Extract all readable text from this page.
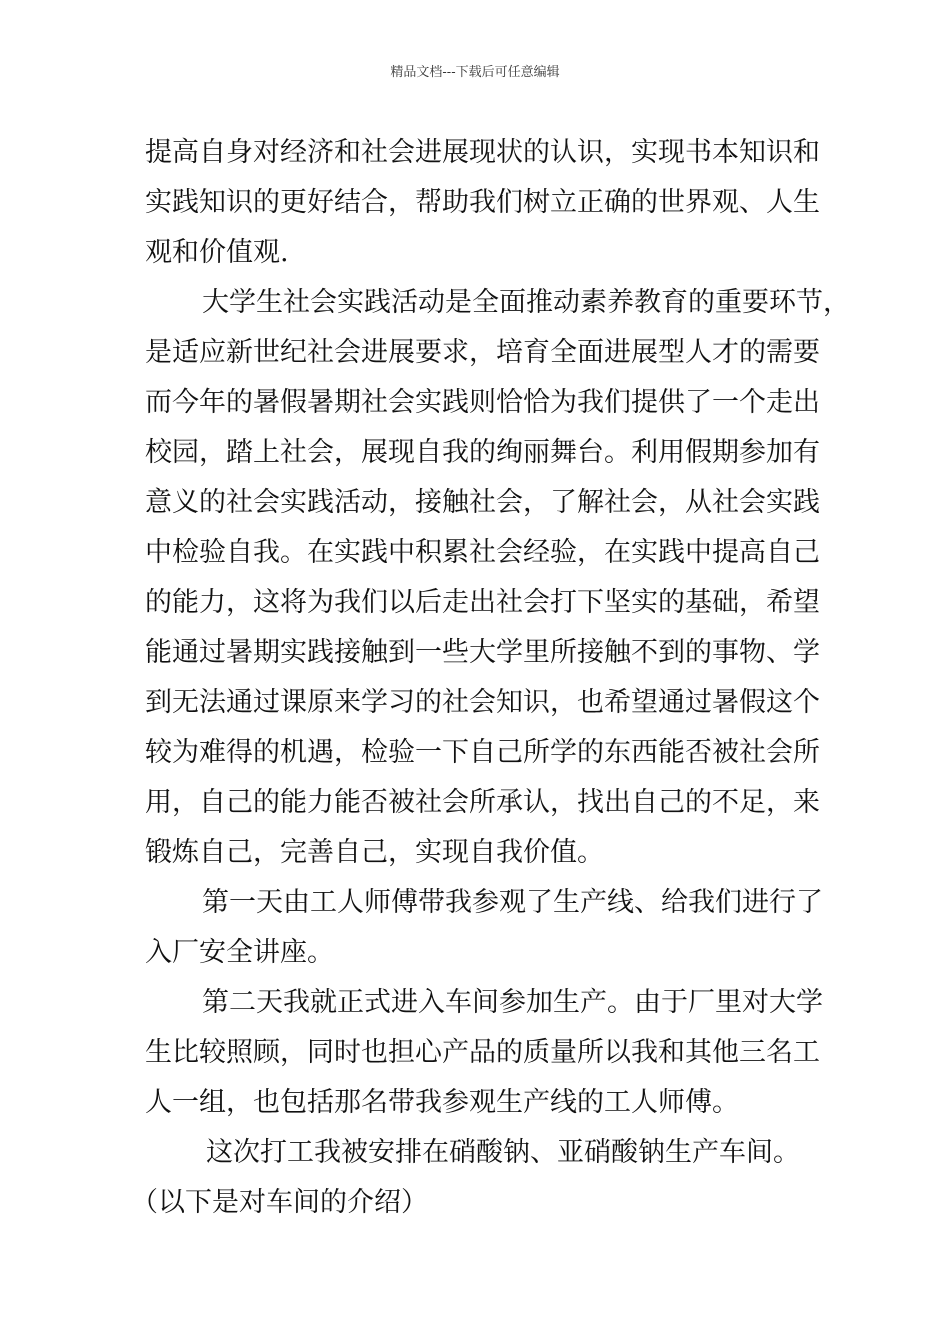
精品文档---下载后可任意编辑
提高自身对经济和社会进展现状的认识，实现书本知识和
实践知识的更好结合，帮助我们树立正确的世界观、人生
观和价值观.
大学生社会实践活动是全面推动素养教育的重要环节，
是适应新世纪社会进展要求，培育全面进展型人才的需要
而今年的暑假暑期社会实践则恰恰为我们提供了一个走出
校园，踏上社会，展现自我的绚丽舞台。利用假期参加有
意义的社会实践活动，接触社会，了解社会，从社会实践
中检验自我。在实践中积累社会经验，在实践中提高自己
的能力，这将为我们以后走出社会打下坚实的基础，希望
能通过暑期实践接触到一些大学里所接触不到的事物、学
到无法通过课原来学习的社会知识，也希望通过暑假这个
较为难得的机遇，检验一下自己所学的东西能否被社会所
用，自己的能力能否被社会所承认，找出自己的不足，来
锻炼自己，完善自己，实现自我价值。
第一天由工人师傅带我参观了生产线、给我们进行了
入厂安全讲座。
第二天我就正式进入车间参加生产。由于厂里对大学
生比较照顾，同时也担心产品的质量所以我和其他三名工
人一组，也包括那名带我参观生产线的工人师傅。
这次打工我被安排在硝酸钠、亚硝酸钠生产车间。
（以下是对车间的介绍）
